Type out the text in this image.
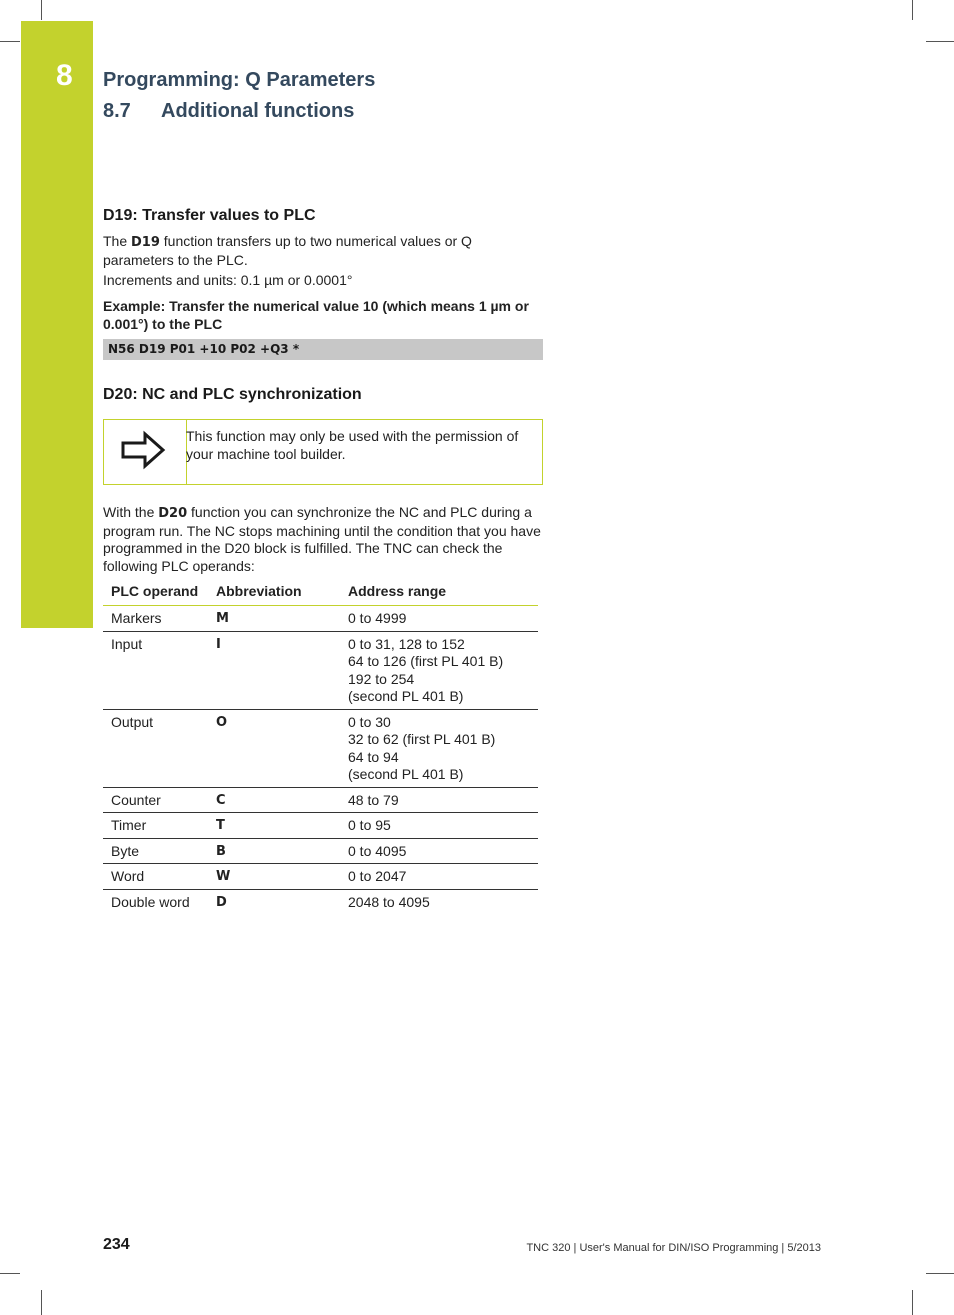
8 Programming: Q Parameters
8.7 Additional functions
D19: Transfer values to PLC
The D19 function transfers up to two numerical values or Q parameters to the PLC.
Increments and units: 0.1 µm or 0.0001°
Example: Transfer the numerical value 10 (which means 1 µm or 0.001°) to the PLC
N56 D19 P01 +10 P02 +Q3 *
D20: NC and PLC synchronization
This function may only be used with the permission of your machine tool builder.
With the D20 function you can synchronize the NC and PLC during a program run. The NC stops machining until the condition that you have programmed in the D20 block is fulfilled. The TNC can check the following PLC operands:
PLC operand	Abbreviation	Address range
Markers	M	0 to 4999
Input	I	0 to 31, 128 to 152
64 to 126 (first PL 401 B)
192 to 254
(second PL 401 B)
Output	O	0 to 30
32 to 62 (first PL 401 B)
64 to 94
(second PL 401 B)
Counter	C	48 to 79
Timer	T	0 to 95
Byte	B	0 to 4095
Word	W	0 to 2047
Double word	D	2048 to 4095
234	TNC 320 | User's Manual for DIN/ISO Programming | 5/2013
